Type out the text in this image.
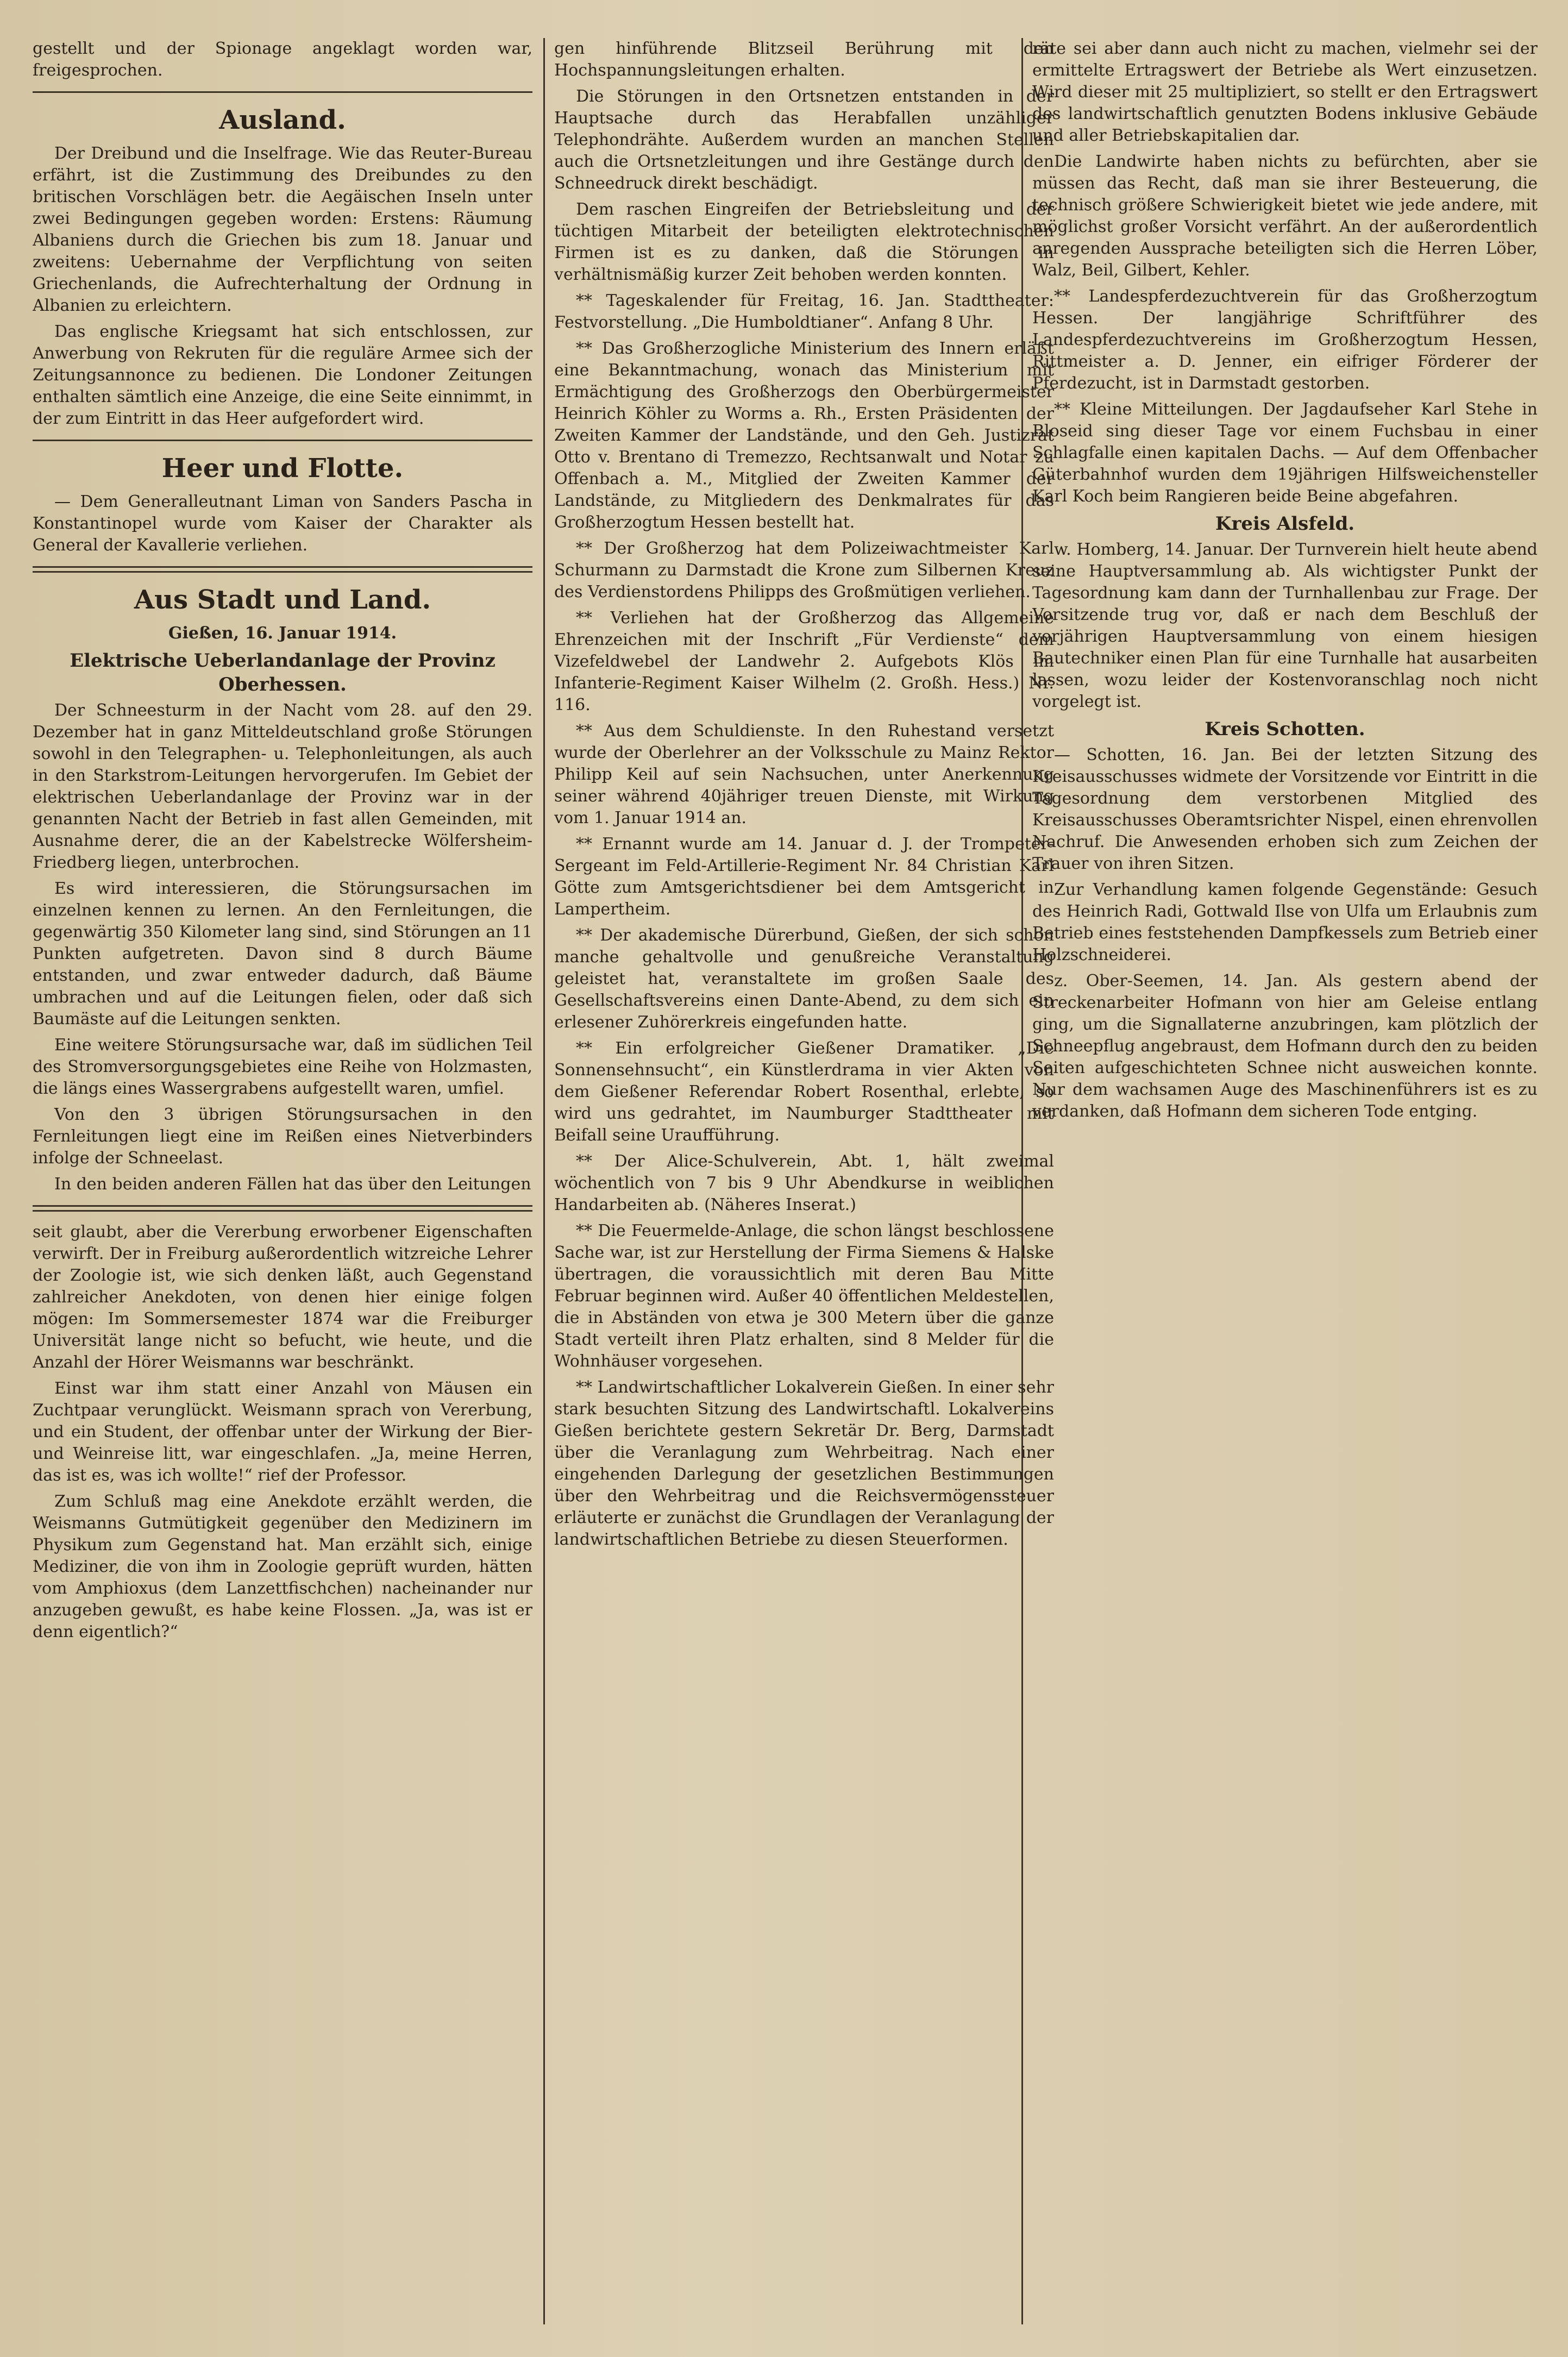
gestellt und der Spionage angeklagt worden war, freigesprochen.

Ausland.

Der Dreibund und die Inselfrage. Wie das Reuter-Bureau erfährt, ist die Zustimmung des Dreibundes zu den britischen Vorschlägen betr. die Aegäischen Inseln unter zwei Bedingungen gegeben worden: Erstens: Räumung Albaniens durch die Griechen bis zum 18. Januar und zweitens: Uebernahme der Verpflichtung von seiten Griechenlands, die Aufrechterhaltung der Ordnung in Albanien zu erleichtern.

Das englische Kriegsamt hat sich entschlossen, zur Anwerbung von Rekruten für die reguläre Armee sich der Zeitungsannonce zu bedienen. Die Londoner Zeitungen enthalten sämtlich eine Anzeige, die eine Seite einnimmt, in der zum Eintritt in das Heer aufgefordert wird.

Heer und Flotte.

— Dem Generalleutnant Liman von Sanders Pascha in Konstantinopel wurde vom Kaiser der Charakter als General der Kavallerie verliehen.

Aus Stadt und Land.
Gießen, 16. Januar 1914.
Elektrische Ueberlandanlage der Provinz Oberhessen.

Der Schneesturm in der Nacht vom 28. auf den 29. Dezember hat in ganz Mitteldeutschland große Störungen sowohl in den Telegraphen- u. Telephonleitungen, als auch in den Starkstrom-Leitungen hervorgerufen. Im Gebiet der elektrischen Ueberlandanlage der Provinz war in der genannten Nacht der Betrieb in fast allen Gemeinden, mit Ausnahme derer, die an der Kabelstrecke Wölfersheim-Friedberg liegen, unterbrochen.

Es wird interessieren, die Störungsursachen im einzelnen kennen zu lernen. An den Fernleitungen, die gegenwärtig 350 Kilometer lang sind, sind Störungen an 11 Punkten aufgetreten. Davon sind 8 durch Bäume entstanden, und zwar entweder dadurch, daß Bäume umbrachen und auf die Leitungen fielen, oder daß sich Baumäste auf die Leitungen senkten.

Eine weitere Störungsursache war, daß im südlichen Teil des Stromversorgungsgebietes eine Reihe von Holzmasten, die längs eines Wassergrabens aufgestellt waren, umfiel.

Von den 3 übrigen Störungsursachen in den Fernleitungen liegt eine im Reißen eines Nietverbinders infolge der Schneelast.

In den beiden anderen Fällen hat das über den Leitungen

seit glaubt, aber die Vererbung erworbener Eigenschaften verwirft. Der in Freiburg außerordentlich witzreiche Lehrer der Zoologie ist, wie sich denken läßt, auch Gegenstand zahlreicher Anekdoten, von denen hier einige folgen mögen: Im Sommersemester 1874 war die Freiburger Universität lange nicht so befucht, wie heute, und die Anzahl der Hörer Weismanns war beschränkt.

Einst war ihm statt einer Anzahl von Mäusen ein Zuchtpaar verunglückt. Weismann sprach von Vererbung, und ein Student, der offenbar unter der Wirkung der Bier- und Weinreise litt, war eingeschlafen. „Ja, meine Herren, das ist es, was ich wollte!“ rief der Professor.

Zum Schluß mag eine Anekdote erzählt werden, die Weismanns Gutmütigkeit gegenüber den Medizinern im Physikum zum Gegenstand hat. Man erzählt sich, einige Mediziner, die von ihm in Zoologie geprüft wurden, hätten vom Amphioxus (dem Lanzettfischchen) nacheinander nur anzugeben gewußt, es habe keine Flossen. „Ja, was ist er denn eigentlich?“

gen hinführende Blitzseil Berührung mit den Hochspannungsleitungen erhalten.

Die Störungen in den Ortsnetzen entstanden in der Hauptsache durch das Herabfallen unzähliger Telephondrähte. Außerdem wurden an manchen Stellen auch die Ortsnetzleitungen und ihre Gestänge durch den Schneedruck direkt beschädigt.

Dem raschen Eingreifen der Betriebsleitung und der tüchtigen Mitarbeit der beteiligten elektrotechnischen Firmen ist es zu danken, daß die Störungen in verhältnismäßig kurzer Zeit behoben werden konnten.

** Tageskalender für Freitag, 16. Jan. Stadttheater: Festvorstellung. „Die Humboldtianer“. Anfang 8 Uhr.

** Das Großherzogliche Ministerium des Innern erläßt eine Bekanntmachung, wonach das Ministerium mit Ermächtigung des Großherzogs den Oberbürgermeister Heinrich Köhler zu Worms a. Rh., Ersten Präsidenten der Zweiten Kammer der Landstände, und den Geh. Justizrat Otto v. Brentano di Tremezzo, Rechtsanwalt und Notar zu Offenbach a. M., Mitglied der Zweiten Kammer der Landstände, zu Mitgliedern des Denkmalrates für das Großherzogtum Hessen bestellt hat.

** Der Großherzog hat dem Polizeiwachtmeister Karl Schurmann zu Darmstadt die Krone zum Silbernen Kreuz des Verdienstordens Philipps des Großmütigen verliehen.

** Verliehen hat der Großherzog das Allgemeine Ehrenzeichen mit der Inschrift „Für Verdienste“ dem Vizefeldwebel der Landwehr 2. Aufgebots Klös im Infanterie-Regiment Kaiser Wilhelm (2. Großh. Hess.) Nr. 116.

** Aus dem Schuldienste. In den Ruhestand versetzt wurde der Oberlehrer an der Volksschule zu Mainz Rektor Philipp Keil auf sein Nachsuchen, unter Anerkennung seiner während 40jähriger treuen Dienste, mit Wirkung vom 1. Januar 1914 an.

** Ernannt wurde am 14. Januar d. J. der Trompeter-Sergeant im Feld-Artillerie-Regiment Nr. 84 Christian Karl Götte zum Amtsgerichtsdiener bei dem Amtsgericht in Lampertheim.

** Der akademische Dürerbund, Gießen, der sich schon manche gehaltvolle und genußreiche Veranstaltung geleistet hat, veranstaltete im großen Saale des Gesellschaftsvereins einen Dante-Abend, zu dem sich ein erlesener Zuhörerkreis eingefunden hatte.

** Ein erfolgreicher Gießener Dramatiker. „Die Sonnensehnsucht“, ein Künstlerdrama in vier Akten von dem Gießener Referendar Robert Rosenthal, erlebte, so wird uns gedrahtet, im Naumburger Stadttheater mit Beifall seine Uraufführung.

** Der Alice-Schulverein, Abt. 1, hält zweimal wöchentlich von 7 bis 9 Uhr Abendkurse in weiblichen Handarbeiten ab. (Näheres Inserat.)

** Die Feuermelde-Anlage, die schon längst beschlossene Sache war, ist zur Herstellung der Firma Siemens & Halske übertragen, die voraussichtlich mit deren Bau Mitte Februar beginnen wird. Außer 40 öffentlichen Meldestellen, die in Abständen von etwa je 300 Metern über die ganze Stadt verteilt ihren Platz erhalten, sind 8 Melder für die Wohnhäuser vorgesehen.

** Landwirtschaftlicher Lokalverein Gießen. In einer sehr stark besuchten Sitzung des Landwirtschaftl. Lokalvereins Gießen berichtete gestern Sekretär Dr. Berg, Darmstadt über die Veranlagung zum Wehrbeitrag. Nach einer eingehenden Darlegung der gesetzlichen Bestimmungen über den Wehrbeitrag und die Reichsvermögenssteuer erläuterte er zunächst die Grundlagen der Veranlagung der landwirtschaftlichen Betriebe zu diesen Steuerformen.

räte sei aber dann auch nicht zu machen, vielmehr sei der ermittelte Ertragswert der Betriebe als Wert einzusetzen. Wird dieser mit 25 multipliziert, so stellt er den Ertragswert des landwirtschaftlich genutzten Bodens inklusive Gebäude und aller Betriebskapitalien dar.

Die Landwirte haben nichts zu befürchten, aber sie müssen das Recht, daß man sie ihrer Besteuerung, die technisch größere Schwierigkeit bietet wie jede andere, mit möglichst großer Vorsicht verfährt. An der außerordentlich anregenden Aussprache beteiligten sich die Herren Löber, Walz, Beil, Gilbert, Kehler.

** Landespferdezuchtverein für das Großherzogtum Hessen. Der langjährige Schriftführer des Landespferdezuchtvereins im Großherzogtum Hessen, Rittmeister a. D. Jenner, ein eifriger Förderer der Pferdezucht, ist in Darmstadt gestorben.

** Kleine Mitteilungen. Der Jagdaufseher Karl Stehe in Bloseid sing dieser Tage vor einem Fuchsbau in einer Schlagfalle einen kapitalen Dachs. — Auf dem Offenbacher Güterbahnhof wurden dem 19jährigen Hilfsweichensteller Karl Koch beim Rangieren beide Beine abgefahren.

Kreis Alsfeld.

w. Homberg, 14. Januar. Der Turnverein hielt heute abend seine Hauptversammlung ab. Als wichtigster Punkt der Tagesordnung kam dann der Turnhallenbau zur Frage. Der Vorsitzende trug vor, daß er nach dem Beschluß der vorjährigen Hauptversammlung von einem hiesigen Bautechniker einen Plan für eine Turnhalle hat ausarbeiten lassen, wozu leider der Kostenvoranschlag noch nicht vorgelegt ist.

Kreis Schotten.

— Schotten, 16. Jan. Bei der letzten Sitzung des Kreisausschusses widmete der Vorsitzende vor Eintritt in die Tagesordnung dem verstorbenen Mitglied des Kreisausschusses Oberamtsrichter Nispel, einen ehrenvollen Nachruf. Die Anwesenden erhoben sich zum Zeichen der Trauer von ihren Sitzen.

Zur Verhandlung kamen folgende Gegenstände: Gesuch des Heinrich Radi, Gottwald Ilse von Ulfa um Erlaubnis zum Betrieb eines feststehenden Dampfkessels zum Betrieb einer Holzschneiderei.

z. Ober-Seemen, 14. Jan. Als gestern abend der Streckenarbeiter Hofmann von hier am Geleise entlang ging, um die Signallaterne anzubringen, kam plötzlich der Schneepflug angebraust, dem Hofmann durch den zu beiden Seiten aufgeschichteten Schnee nicht ausweichen konnte. Nur dem wachsamen Auge des Maschinenführers ist es zu verdanken, daß Hofmann dem sicheren Tode entging.
